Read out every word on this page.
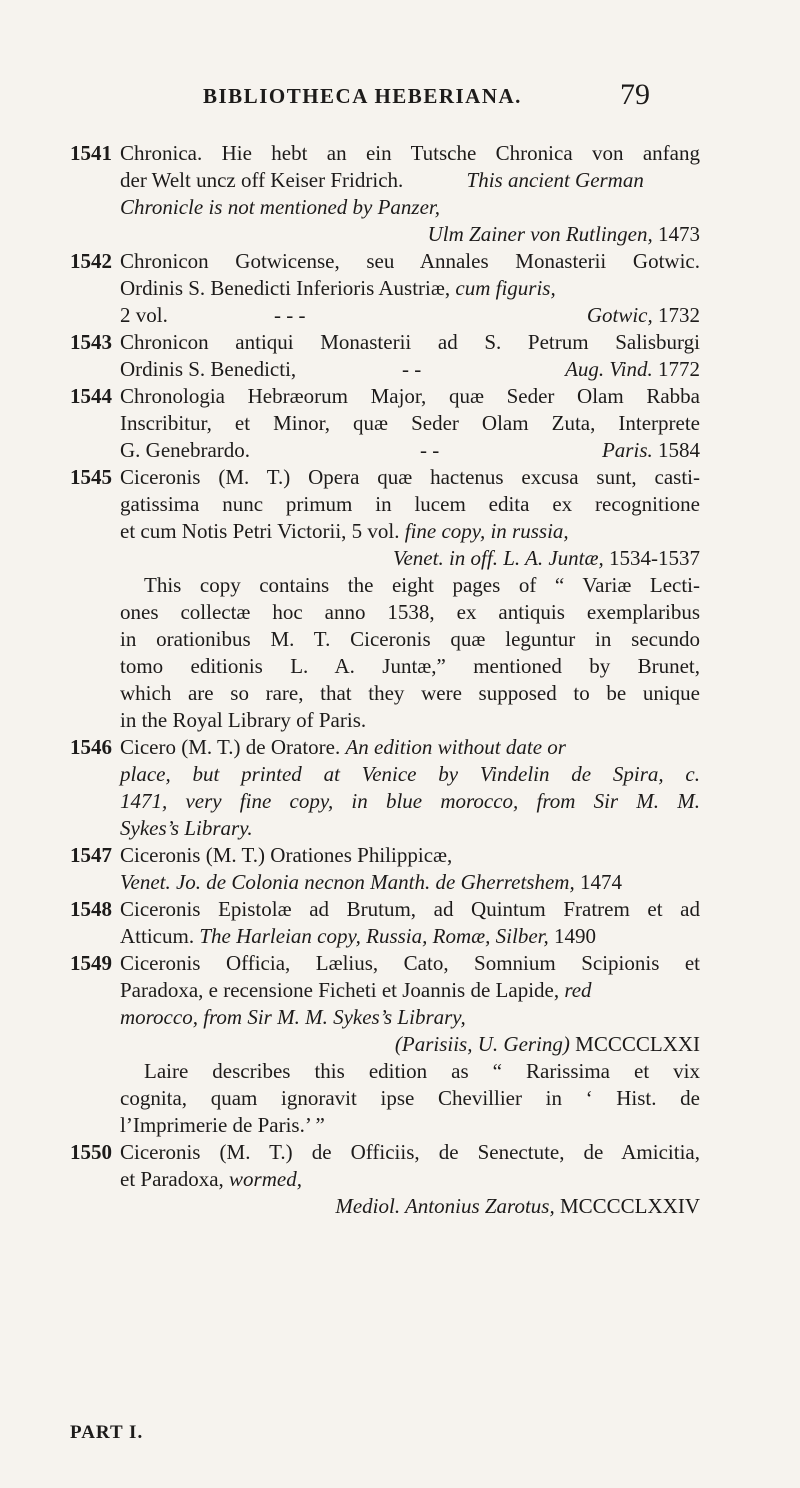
BIBLIOTHECA HEBERIANA.	79
1541 Chronica. Hie hebt an ein Tutsche Chronica von anfang
der Welt uncz off Keiser Fridrich.	This ancient German
Chronicle is not mentioned by Panzer,
Ulm Zainer von Rutlingen, 1473
1542 Chronicon Gotwicense, seu Annales Monasterii Gotwic.
Ordinis S. Benedicti Inferioris Austriæ, cum figuris,
2 vol.	- - -	Gotwic, 1732
1543 Chronicon antiqui Monasterii ad S. Petrum Salisburgi
Ordinis S. Benedicti,	- -	Aug. Vind. 1772
1544 Chronologia Hebræorum Major, quæ Seder Olam Rabba
Inscribitur, et Minor, quæ Seder Olam Zuta, Interprete
G. Genebrardo.	- -	Paris. 1584
1545 Ciceronis (M. T.) Opera quæ hactenus excusa sunt, casti-
gatissima nunc primum in lucem edita ex recognitione
et cum Notis Petri Victorii, 5 vol. fine copy, in russia,
Venet. in off. L. A. Juntæ, 1534-1537
This copy contains the eight pages of “ Variæ Lecti-
ones collectæ hoc anno 1538, ex antiquis exemplaribus
in orationibus M. T. Ciceronis quæ leguntur in secundo
tomo editionis L. A. Juntæ,” mentioned by Brunet,
which are so rare, that they were supposed to be unique
in the Royal Library of Paris.
1546 Cicero (M. T.) de Oratore. An edition without date or
place, but printed at Venice by Vindelin de Spira, c.
1471, very fine copy, in blue morocco, from Sir M. M.
Sykes’s Library.
1547 Ciceronis (M. T.) Orationes Philippicæ,
Venet. Jo. de Colonia necnon Manth. de Gherretshem, 1474
1548 Ciceronis Epistolæ ad Brutum, ad Quintum Fratrem et ad
Atticum. The Harleian copy, Russia, Romæ, Silber, 1490
1549 Ciceronis Officia, Lælius, Cato, Somnium Scipionis et
Paradoxa, e recensione Ficheti et Joannis de Lapide, red
morocco, from Sir M. M. Sykes’s Library,
(Parisiis, U. Gering) MCCCCLXXI
Laire describes this edition as “ Rarissima et vix
cognita, quam ignoravit ipse Chevillier in ‘ Hist. de
l’Imprimerie de Paris.’ ”
1550 Ciceronis (M. T.) de Officiis, de Senectute, de Amicitia,
et Paradoxa, wormed,
Mediol. Antonius Zarotus, MCCCCLXXIV
PART I.
